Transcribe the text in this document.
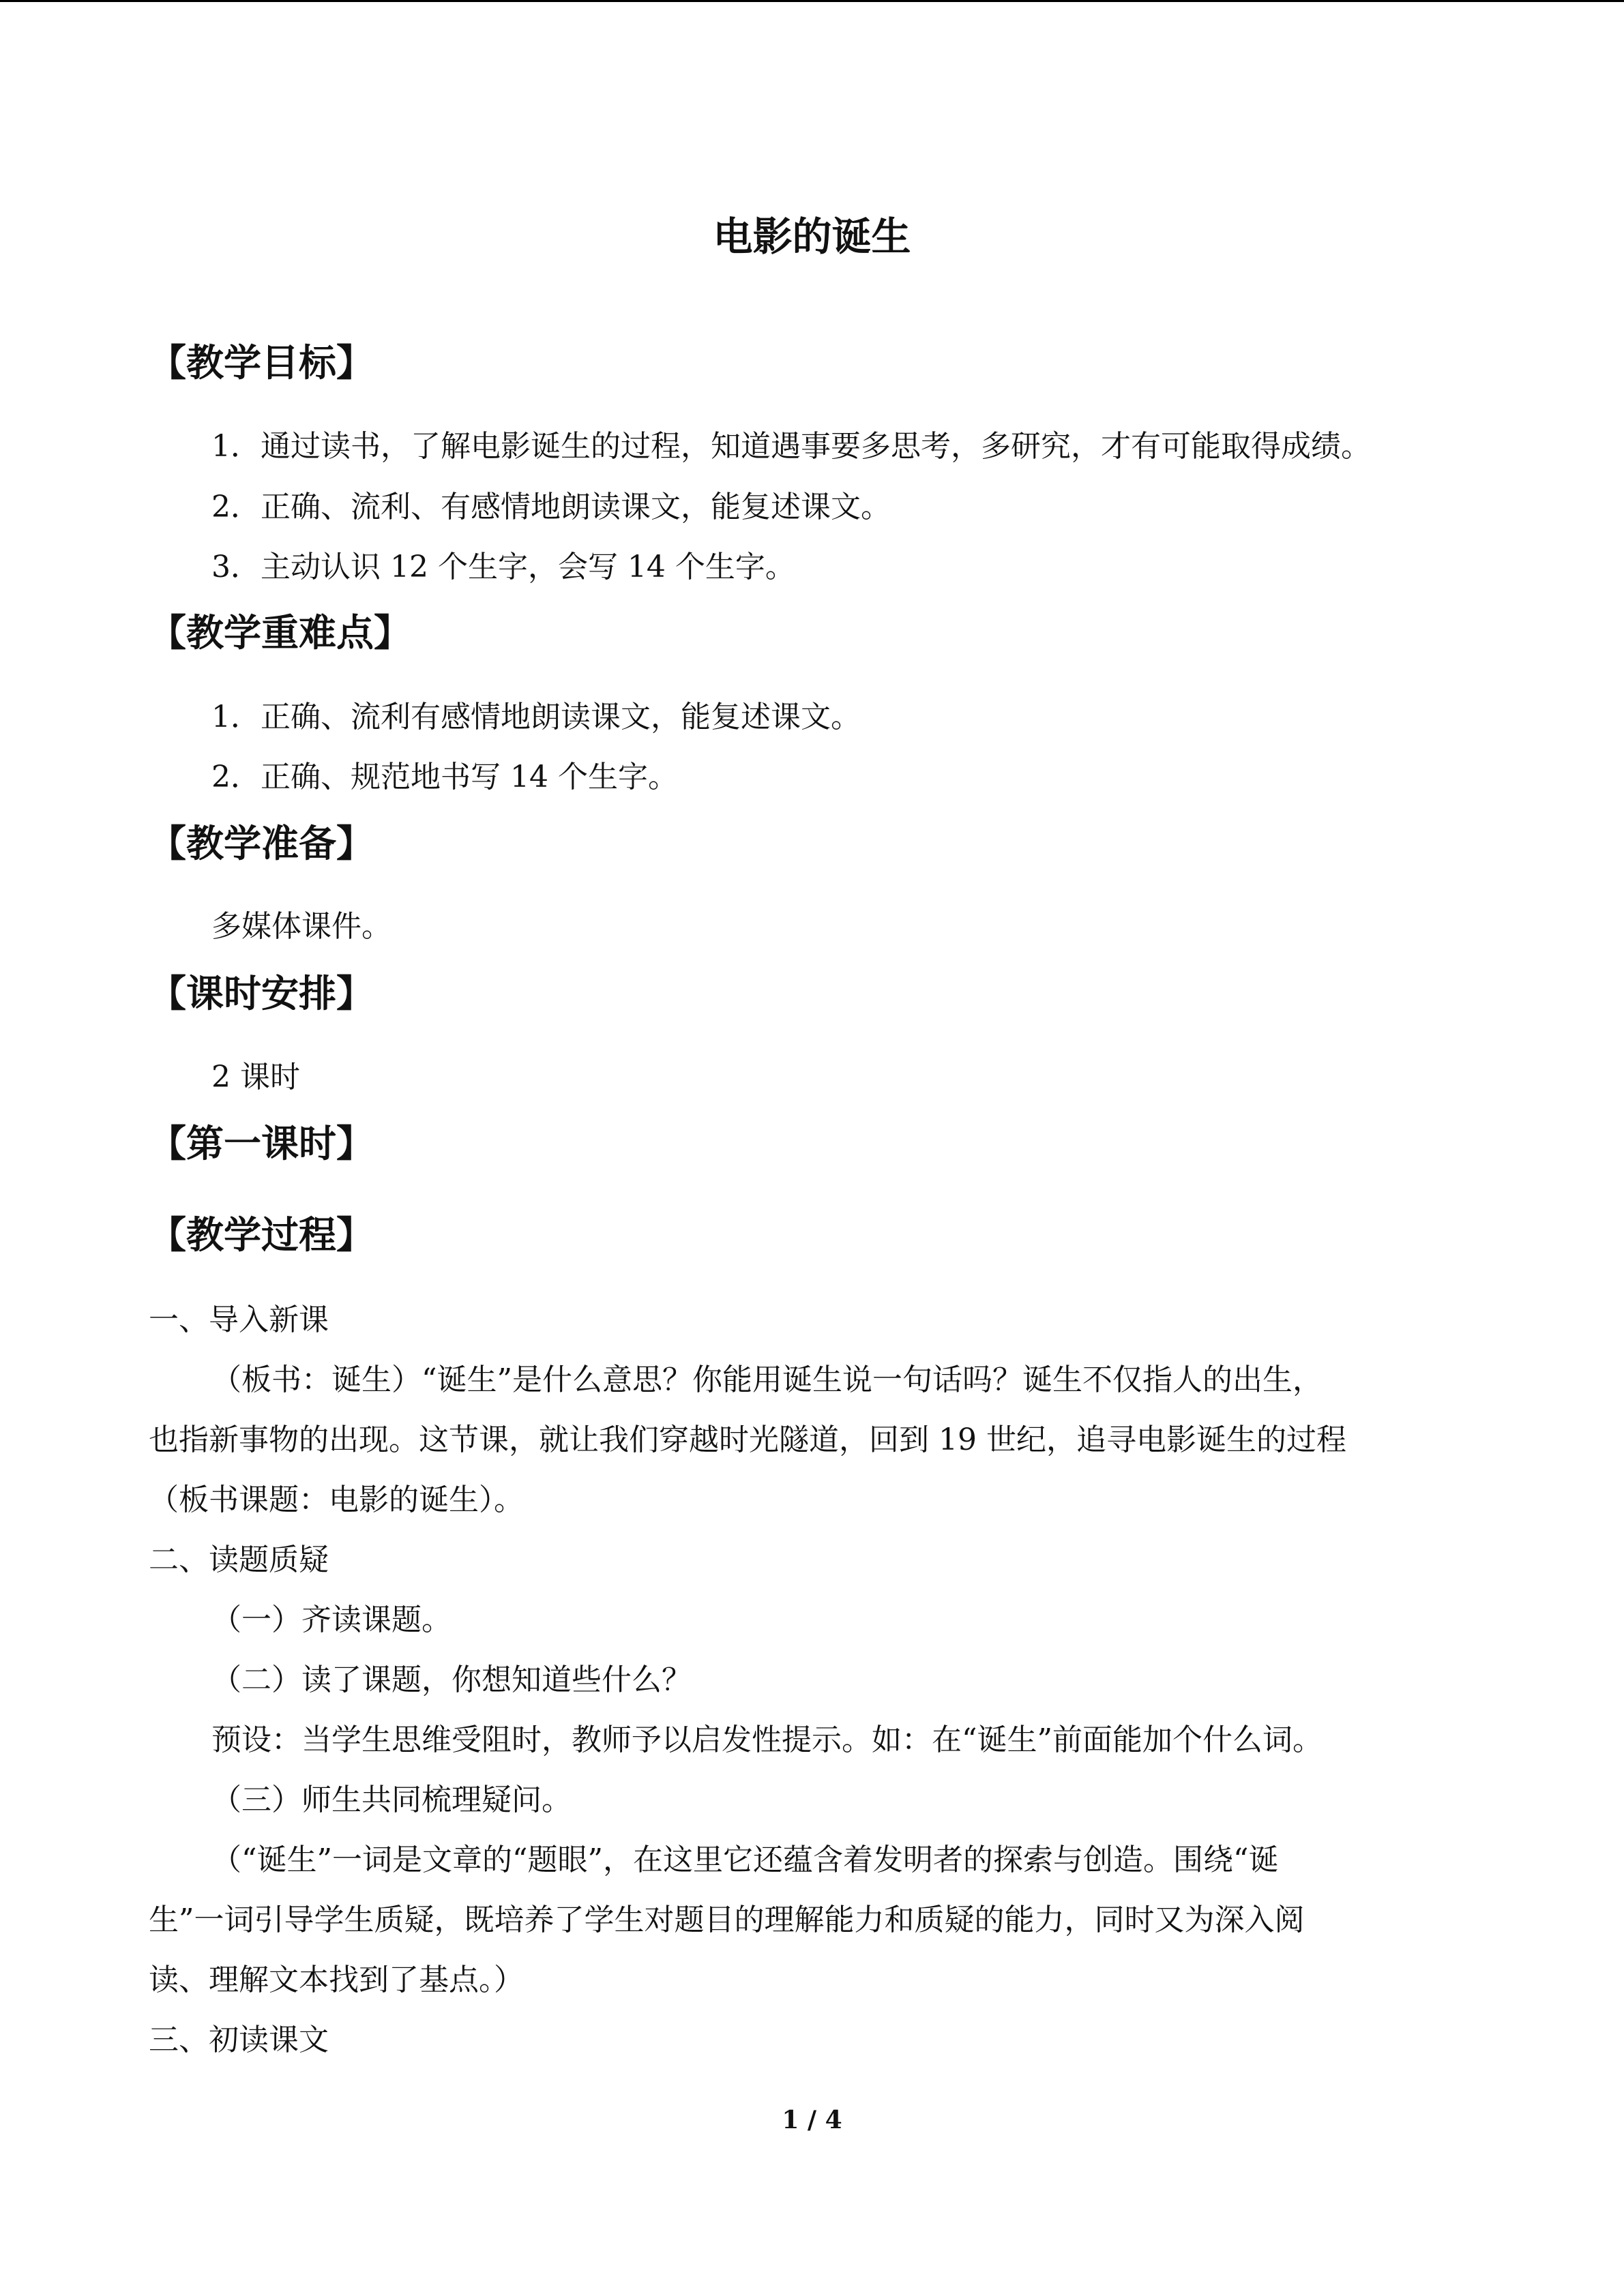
电影的诞生
【教学目标】
1．通过读书，了解电影诞生的过程，知道遇事要多思考，多研究，才有可能取得成绩。
2．正确、流利、有感情地朗读课文，能复述课文。
3．主动认识 12 个生字，会写 14 个生字。
【教学重难点】
1．正确、流利有感情地朗读课文，能复述课文。
2．正确、规范地书写 14 个生字。
【教学准备】
多媒体课件。
【课时安排】
2 课时
【第一课时】
【教学过程】
一、导入新课
（板书：诞生）“诞生”是什么意思？你能用诞生说一句话吗？诞生不仅指人的出生，
也指新事物的出现。这节课，就让我们穿越时光隧道，回到 19 世纪，追寻电影诞生的过程
（板书课题：电影的诞生）。
二、读题质疑
（一）齐读课题。
（二）读了课题，你想知道些什么？
预设：当学生思维受阻时，教师予以启发性提示。如：在“诞生”前面能加个什么词。
（三）师生共同梳理疑问。
（“诞生”一词是文章的“题眼”，在这里它还蕴含着发明者的探索与创造。围绕“诞
生”一词引导学生质疑，既培养了学生对题目的理解能力和质疑的能力，同时又为深入阅
读、理解文本找到了基点。）
三、初读课文
1 / 4
